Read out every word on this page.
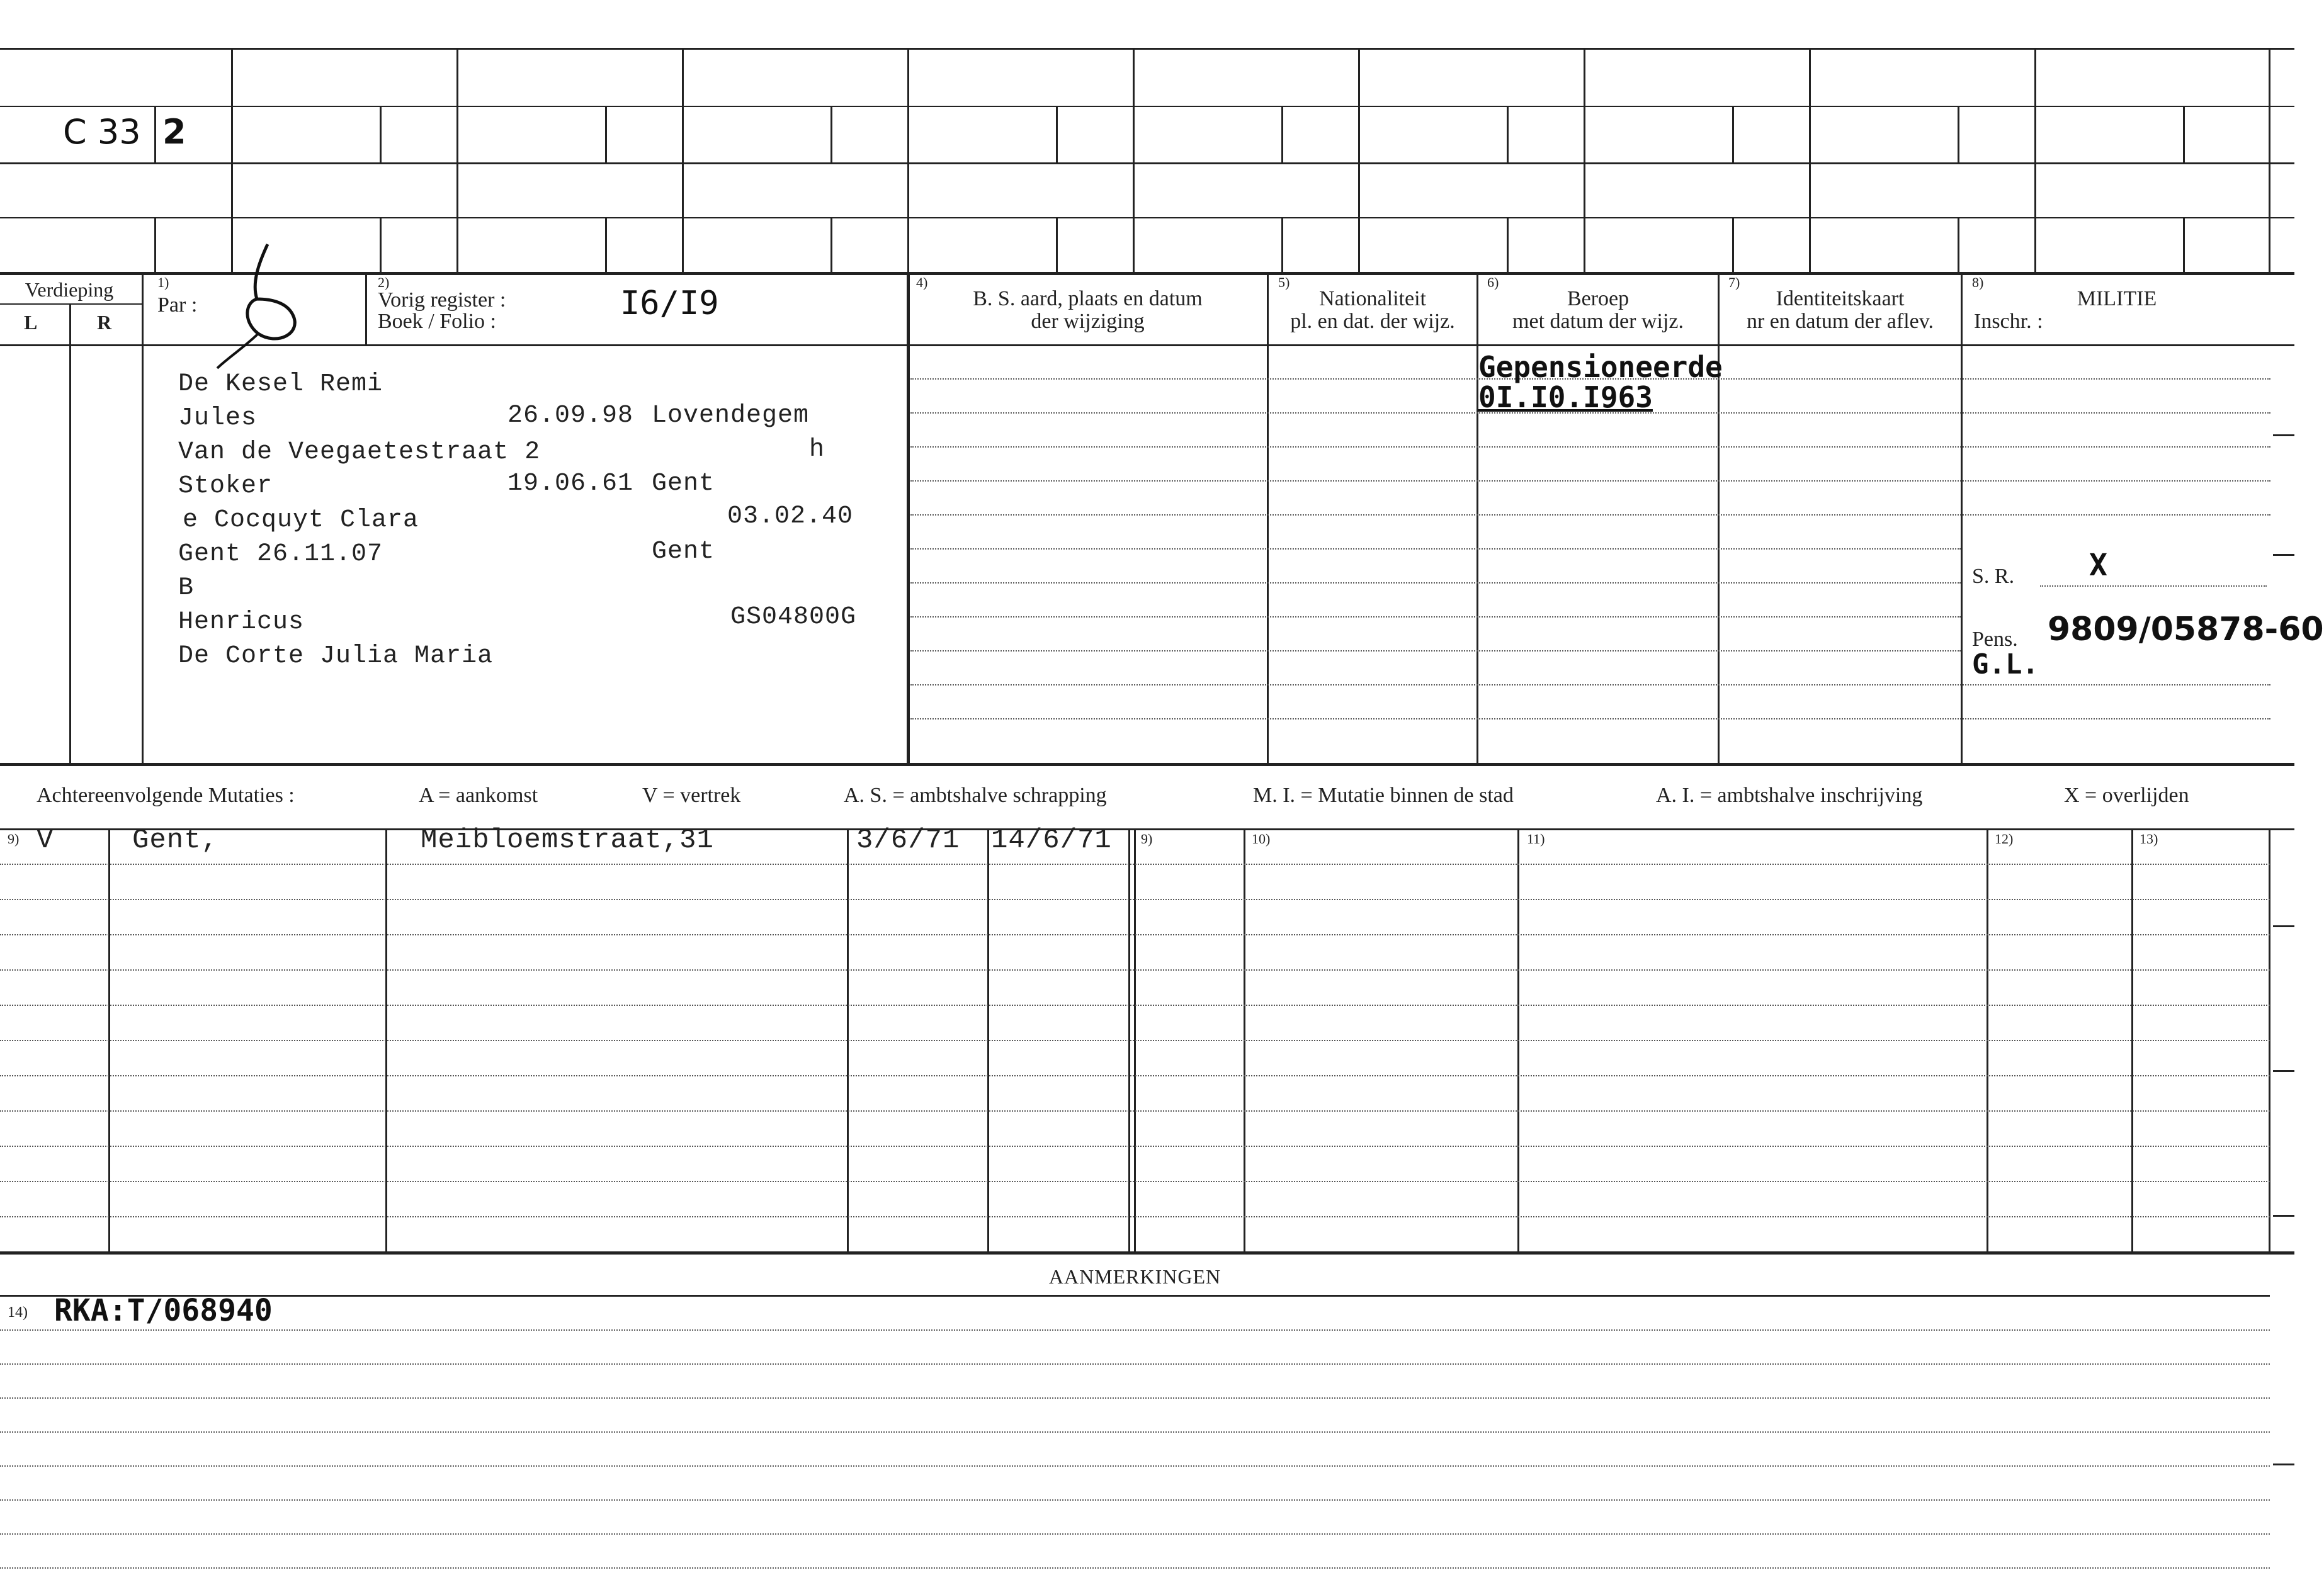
C 33 2
Verdieping
L	R
1)
Par :
2)
Vorig register :
Boek / Folio :	I6/I9
4)
B. S. aard, plaats en datum
der wijziging
5)
Nationaliteit
pl. en dat. der wijz.
6)
Beroep
met datum der wijz.
7)
Identiteitskaart
nr en datum der aflev.
8)
MILITIE
Inschr. :
De Kesel Remi
Jules	26.09.98 Lovendegem
Van de Veegaetestraat 2	h
Stoker	19.06.61 Gent
e Cocquyt Clara	03.02.40
Gent 26.11.07	Gent
B
Henricus	GS04800G
De Corte Julia Maria
Gepensioneerde
0I.I0.I963
S. R. X
Pens. 9809/05878-60
G.L.
Achtereenvolgende Mutaties :	A = aankomst	V = vertrek	A. S. = ambtshalve schrapping	M. I. = Mutatie binnen de stad	A. I. = ambtshalve inschrijving	X = overlijden
9)	9)	10)	11)	12)	13)
V	Gent,	Meibloemstraat,31	3/6/71 14/6/71
AANMERKINGEN
14) RKA:T/068940
